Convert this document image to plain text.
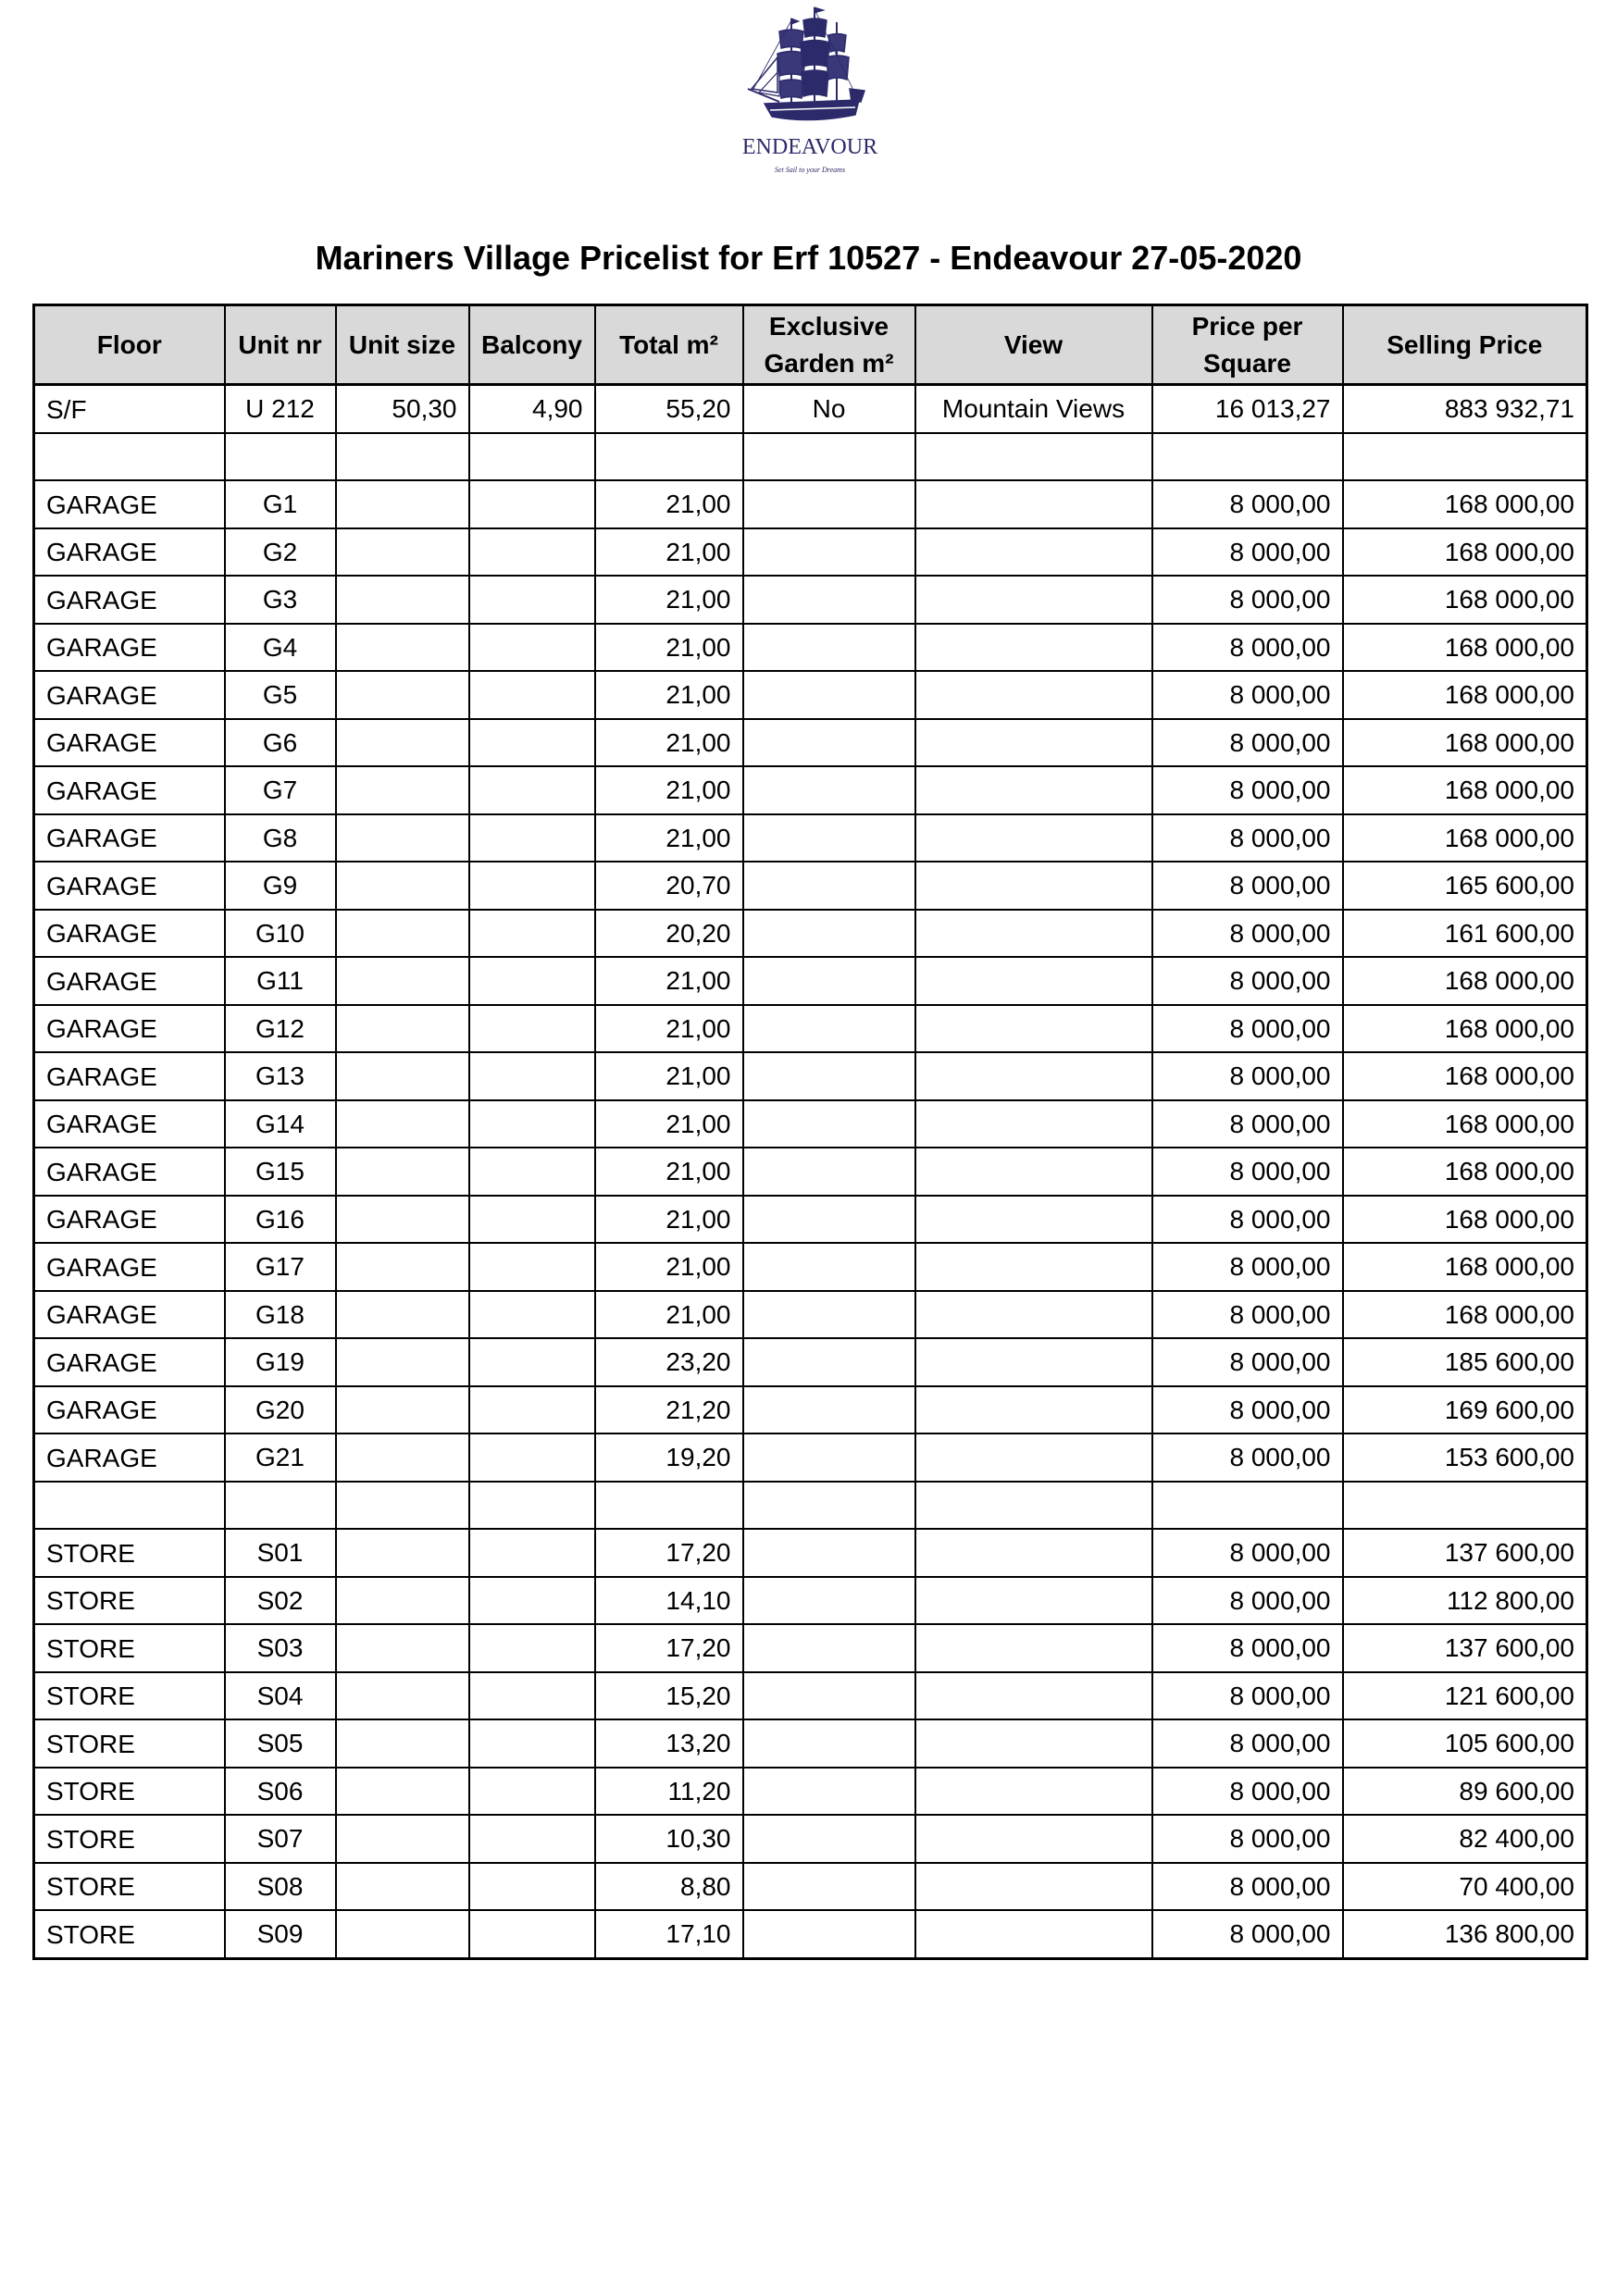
ENDEAVOUR
Set Sail to your Dreams
Mariners Village Pricelist for Erf 10527 - Endeavour 27-05-2020
Floor	Unit nr	Unit size	Balcony	Total m²	Exclusive Garden m²	View	Price per Square	Selling Price
S/F	U 212	50,30	4,90	55,20	No	Mountain Views	16 013,27	883 932,71

GARAGE	G1			21,00			8 000,00	168 000,00
GARAGE	G2			21,00			8 000,00	168 000,00
GARAGE	G3			21,00			8 000,00	168 000,00
GARAGE	G4			21,00			8 000,00	168 000,00
GARAGE	G5			21,00			8 000,00	168 000,00
GARAGE	G6			21,00			8 000,00	168 000,00
GARAGE	G7			21,00			8 000,00	168 000,00
GARAGE	G8			21,00			8 000,00	168 000,00
GARAGE	G9			20,70			8 000,00	165 600,00
GARAGE	G10			20,20			8 000,00	161 600,00
GARAGE	G11			21,00			8 000,00	168 000,00
GARAGE	G12			21,00			8 000,00	168 000,00
GARAGE	G13			21,00			8 000,00	168 000,00
GARAGE	G14			21,00			8 000,00	168 000,00
GARAGE	G15			21,00			8 000,00	168 000,00
GARAGE	G16			21,00			8 000,00	168 000,00
GARAGE	G17			21,00			8 000,00	168 000,00
GARAGE	G18			21,00			8 000,00	168 000,00
GARAGE	G19			23,20			8 000,00	185 600,00
GARAGE	G20			21,20			8 000,00	169 600,00
GARAGE	G21			19,20			8 000,00	153 600,00

STORE	S01			17,20			8 000,00	137 600,00
STORE	S02			14,10			8 000,00	112 800,00
STORE	S03			17,20			8 000,00	137 600,00
STORE	S04			15,20			8 000,00	121 600,00
STORE	S05			13,20			8 000,00	105 600,00
STORE	S06			11,20			8 000,00	89 600,00
STORE	S07			10,30			8 000,00	82 400,00
STORE	S08			8,80			8 000,00	70 400,00
STORE	S09			17,10			8 000,00	136 800,00
